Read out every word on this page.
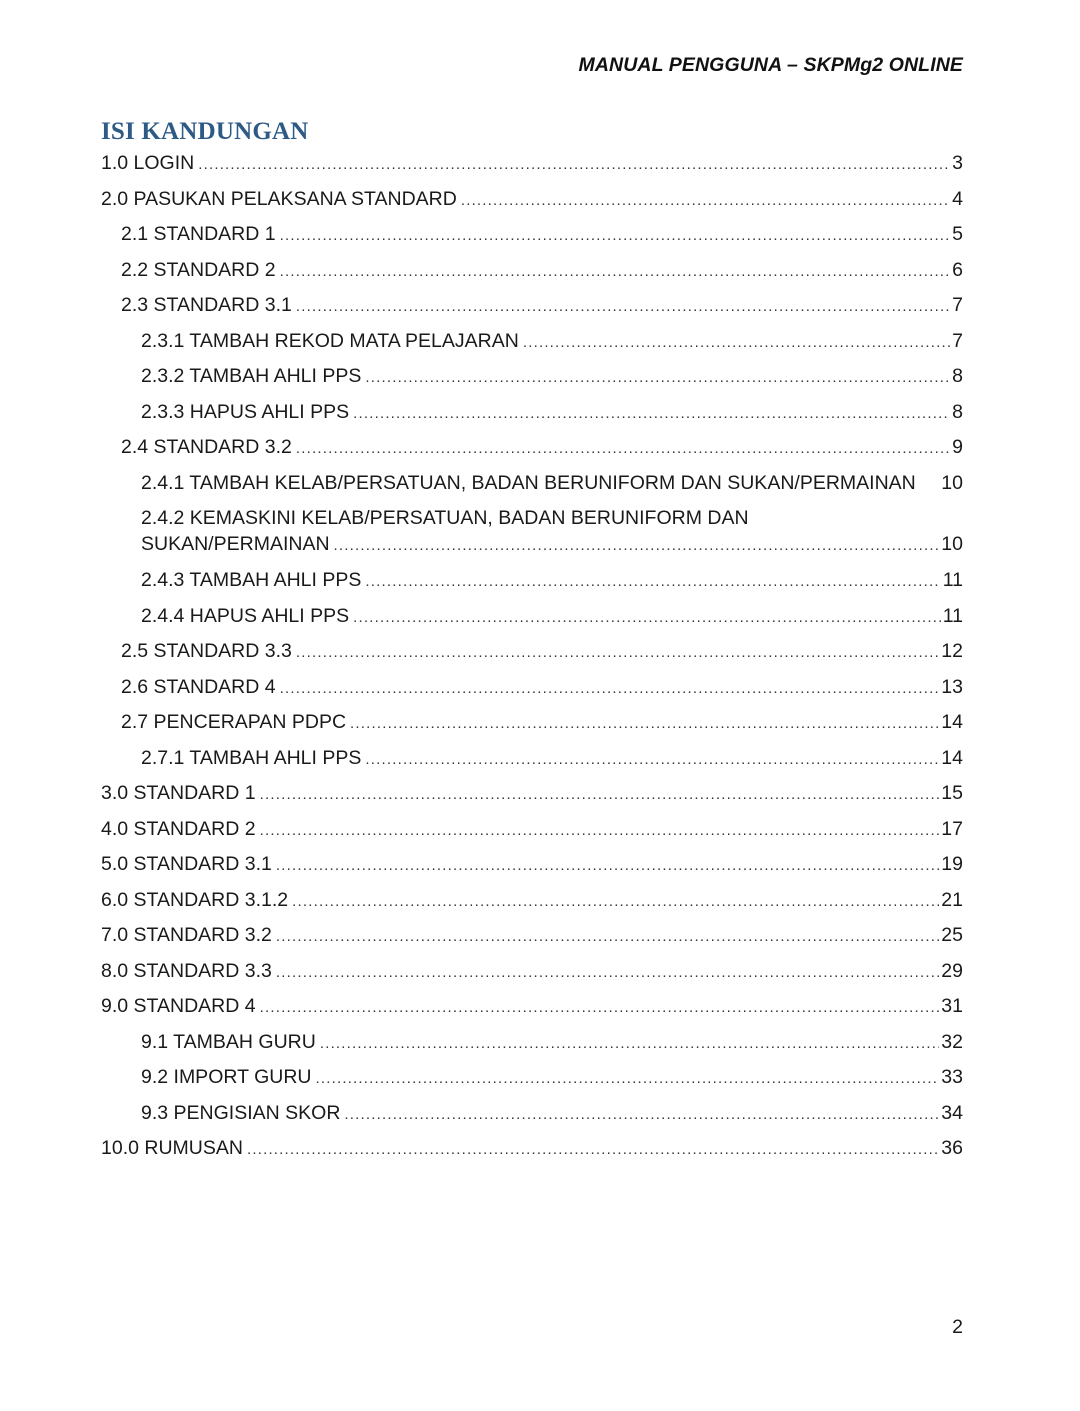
MANUAL PENGGUNA – SKPMg2 ONLINE
ISI KANDUNGAN
1.0 LOGIN .....	3
2.0 PASUKAN PELAKSANA STANDARD .....	4
2.1 STANDARD 1 .....	5
2.2 STANDARD 2 .....	6
2.3 STANDARD 3.1 .....	7
2.3.1 TAMBAH REKOD MATA PELAJARAN .....	7
2.3.2 TAMBAH AHLI PPS .....	8
2.3.3 HAPUS AHLI PPS .....	8
2.4 STANDARD 3.2 .....	9
2.4.1 TAMBAH KELAB/PERSATUAN, BADAN BERUNIFORM DAN SUKAN/PERMAINAN 10
2.4.2 KEMASKINI KELAB/PERSATUAN, BADAN BERUNIFORM DAN
SUKAN/PERMAINAN .....	10
2.4.3 TAMBAH AHLI PPS .....	11
2.4.4 HAPUS AHLI PPS .....	11
2.5 STANDARD 3.3 .....	12
2.6 STANDARD 4 .....	13
2.7 PENCERAPAN PDPC .....	14
2.7.1 TAMBAH AHLI PPS .....	14
3.0 STANDARD 1 .....	15
4.0 STANDARD 2 .....	17
5.0 STANDARD 3.1 .....	19
6.0 STANDARD 3.1.2 .....	21
7.0 STANDARD 3.2 .....	25
8.0 STANDARD 3.3 .....	29
9.0 STANDARD 4 .....	31
9.1 TAMBAH GURU .....	32
9.2 IMPORT GURU .....	33
9.3 PENGISIAN SKOR .....	34
10.0 RUMUSAN .....	36
2
